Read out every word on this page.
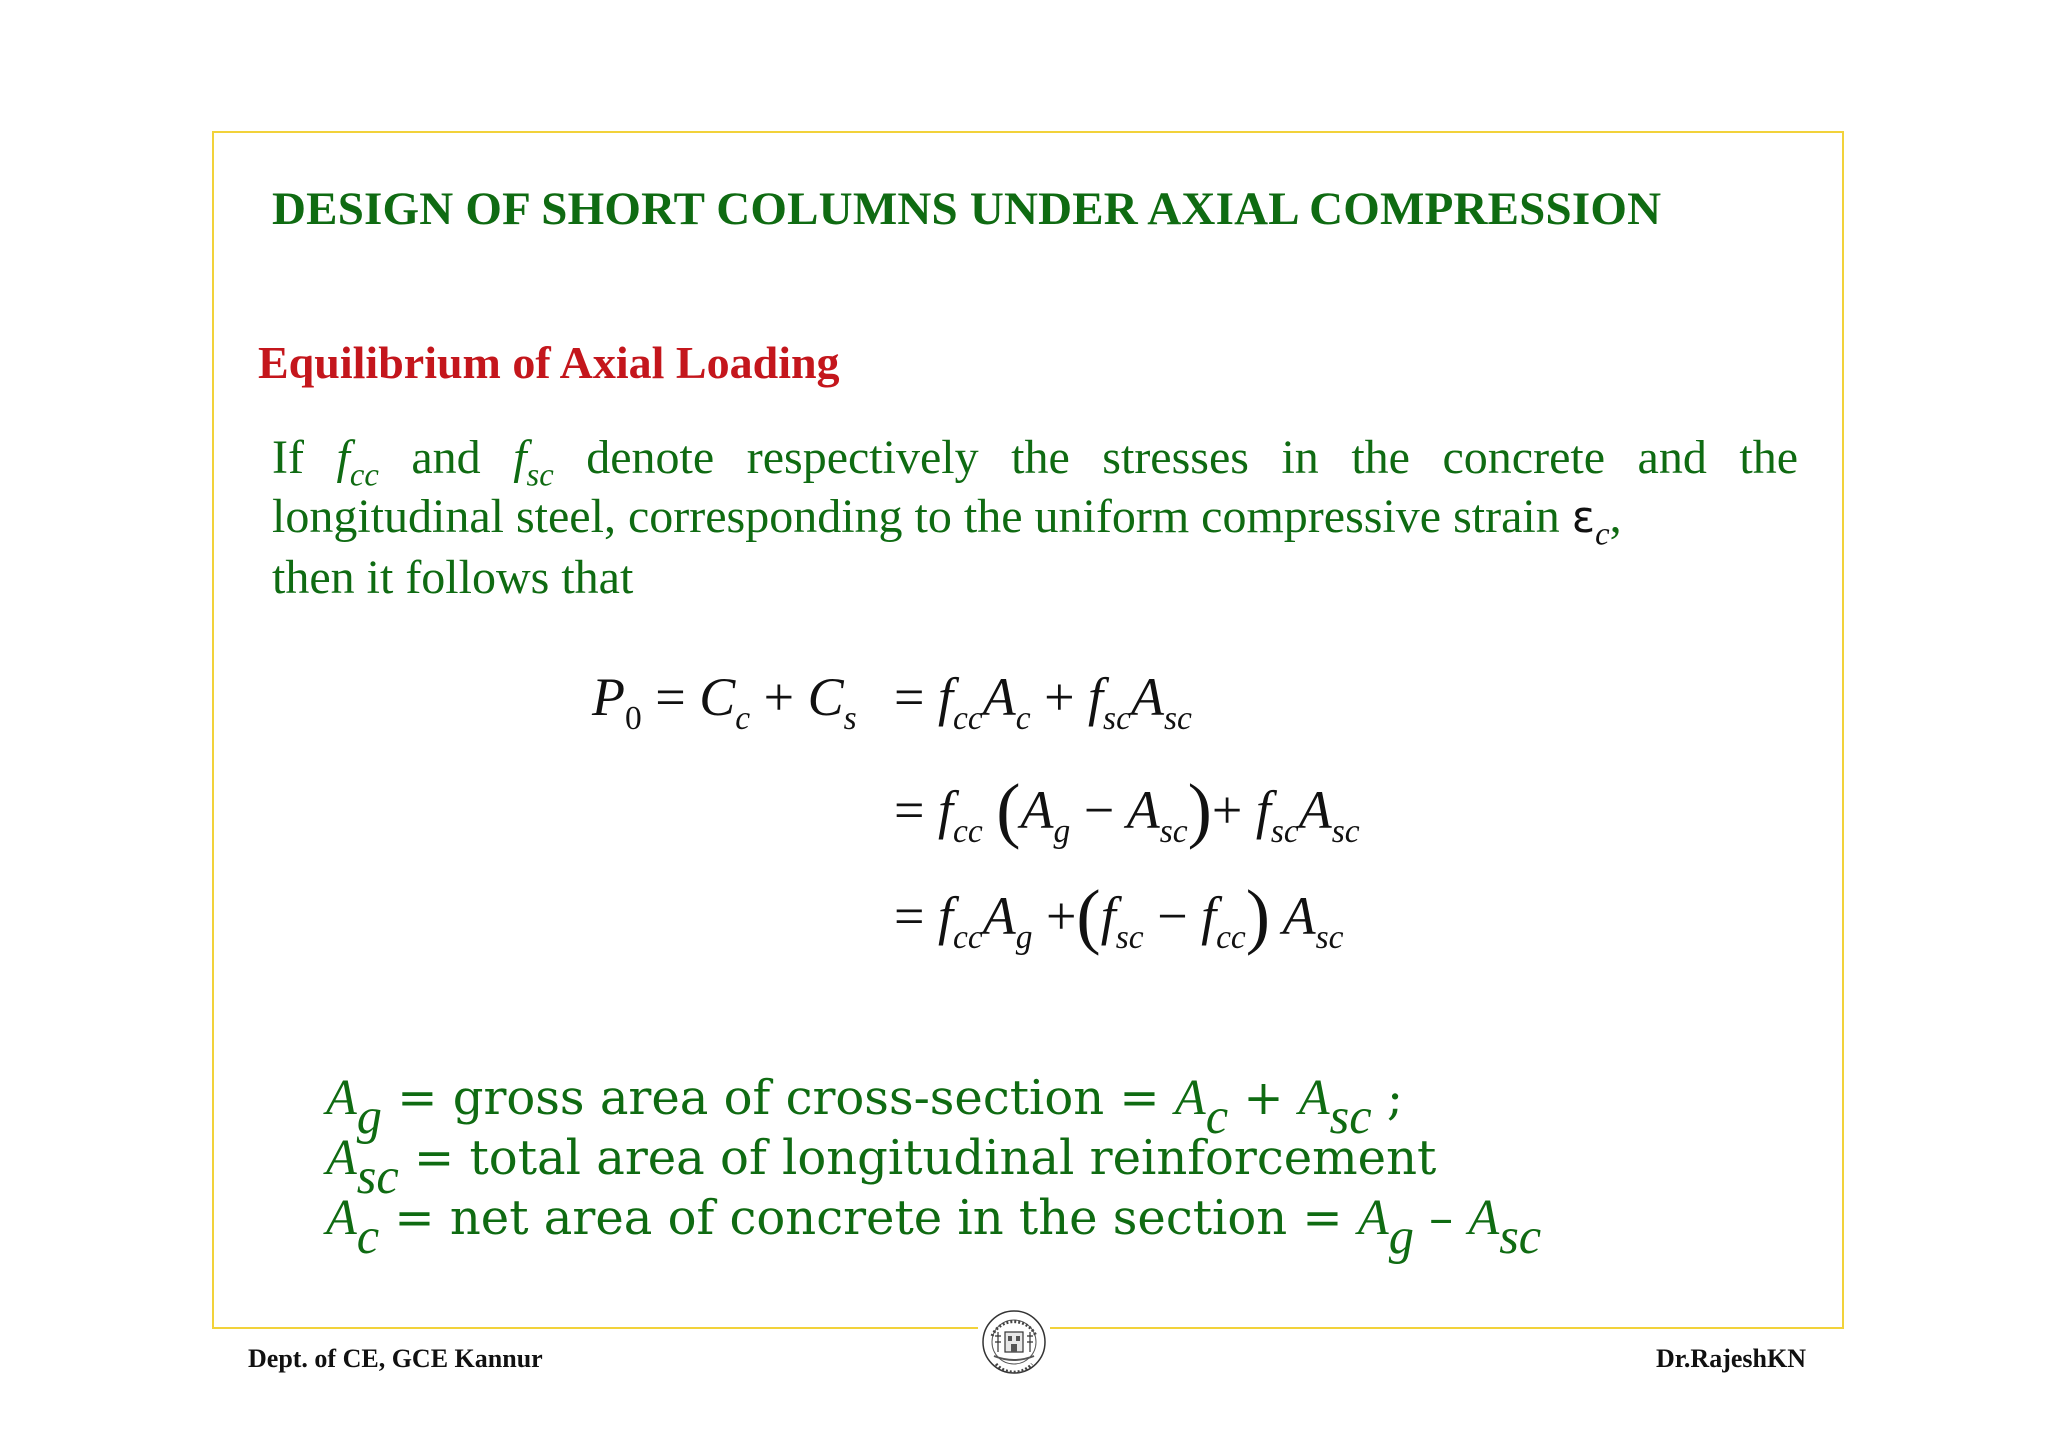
DESIGN OF SHORT COLUMNS UNDER AXIAL COMPRESSION
Equilibrium of Axial Loading
If $f_{cc}$ and $f_{sc}$ denote respectively the stresses in the concrete and the
longitudinal steel, corresponding to the uniform compressive strain $\varepsilon_c$,
then it follows that
$P_0 = C_c + C_s = f_{cc}A_c + f_{sc}A_{sc}$
= $f_{cc}$ $(A_g - A_{sc})+ f_{sc}A_{sc}$
= $f_{cc}A_g +(f_{sc} - f_{cc})$ $A_{sc}$
$A_g$ = gross area of cross-section = $A_c + A_{sc}$ ;
$A_{sc}$ = total area of longitudinal reinforcement
$A_c$ = net area of concrete in the section = $A_g - A_{sc}$
Dept. of CE, GCE Kannur	Dr.RajeshKN
